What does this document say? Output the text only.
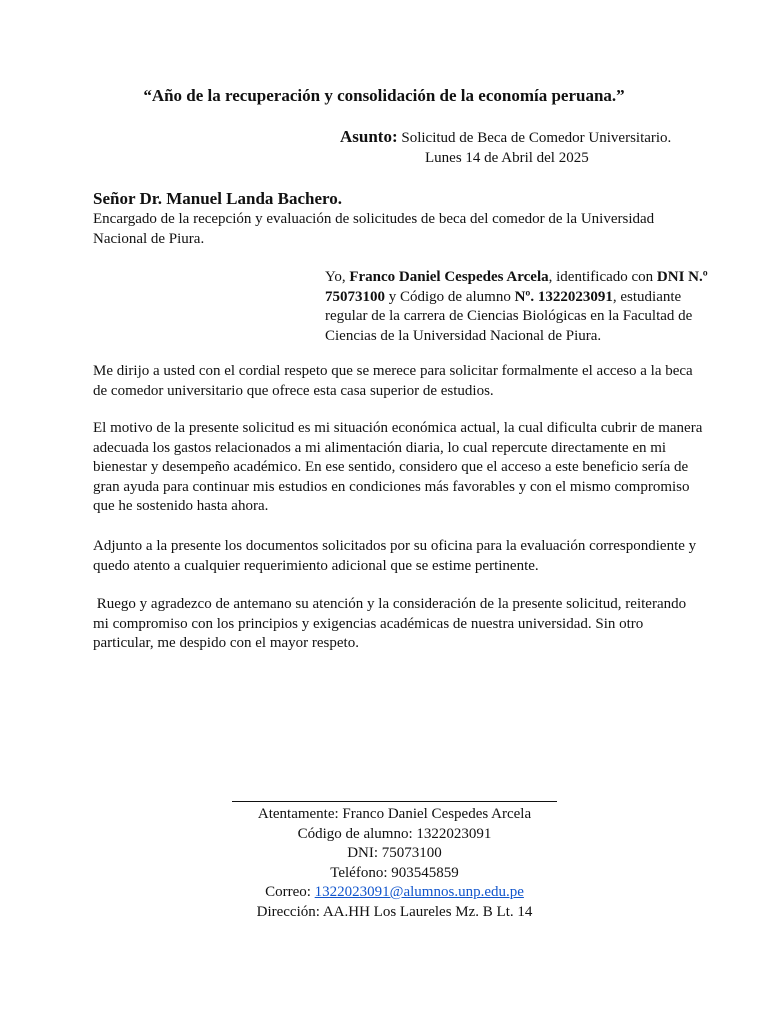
“Año de la recuperación y consolidación de la economía peruana.”
Asunto: Solicitud de Beca de Comedor Universitario.
Lunes 14 de Abril del 2025
Señor Dr. Manuel Landa Bachero.
Encargado de la recepción y evaluación de solicitudes de beca del comedor de la Universidad Nacional de Piura.
Yo, Franco Daniel Cespedes Arcela, identificado con DNI N.º 75073100 y Código de alumno Nº. 1322023091, estudiante regular de la carrera de Ciencias Biológicas en la Facultad de Ciencias de la Universidad Nacional de Piura.
Me dirijo a usted con el cordial respeto que se merece para solicitar formalmente el acceso a la beca de comedor universitario que ofrece esta casa superior de estudios.
El motivo de la presente solicitud es mi situación económica actual, la cual dificulta cubrir de manera adecuada los gastos relacionados a mi alimentación diaria, lo cual repercute directamente en mi bienestar y desempeño académico. En ese sentido, considero que el acceso a este beneficio sería de gran ayuda para continuar mis estudios en condiciones más favorables y con el mismo compromiso que he sostenido hasta ahora.
Adjunto a la presente los documentos solicitados por su oficina para la evaluación correspondiente y quedo atento a cualquier requerimiento adicional que se estime pertinente.
Ruego y agradezco de antemano su atención y la consideración de la presente solicitud, reiterando mi compromiso con los principios y exigencias académicas de nuestra universidad. Sin otro particular, me despido con el mayor respeto.
Atentamente: Franco Daniel Cespedes Arcela
Código de alumno: 1322023091
DNI: 75073100
Teléfono: 903545859
Correo: 1322023091@alumnos.unp.edu.pe
Dirección: AA.HH Los Laureles Mz. B Lt. 14
